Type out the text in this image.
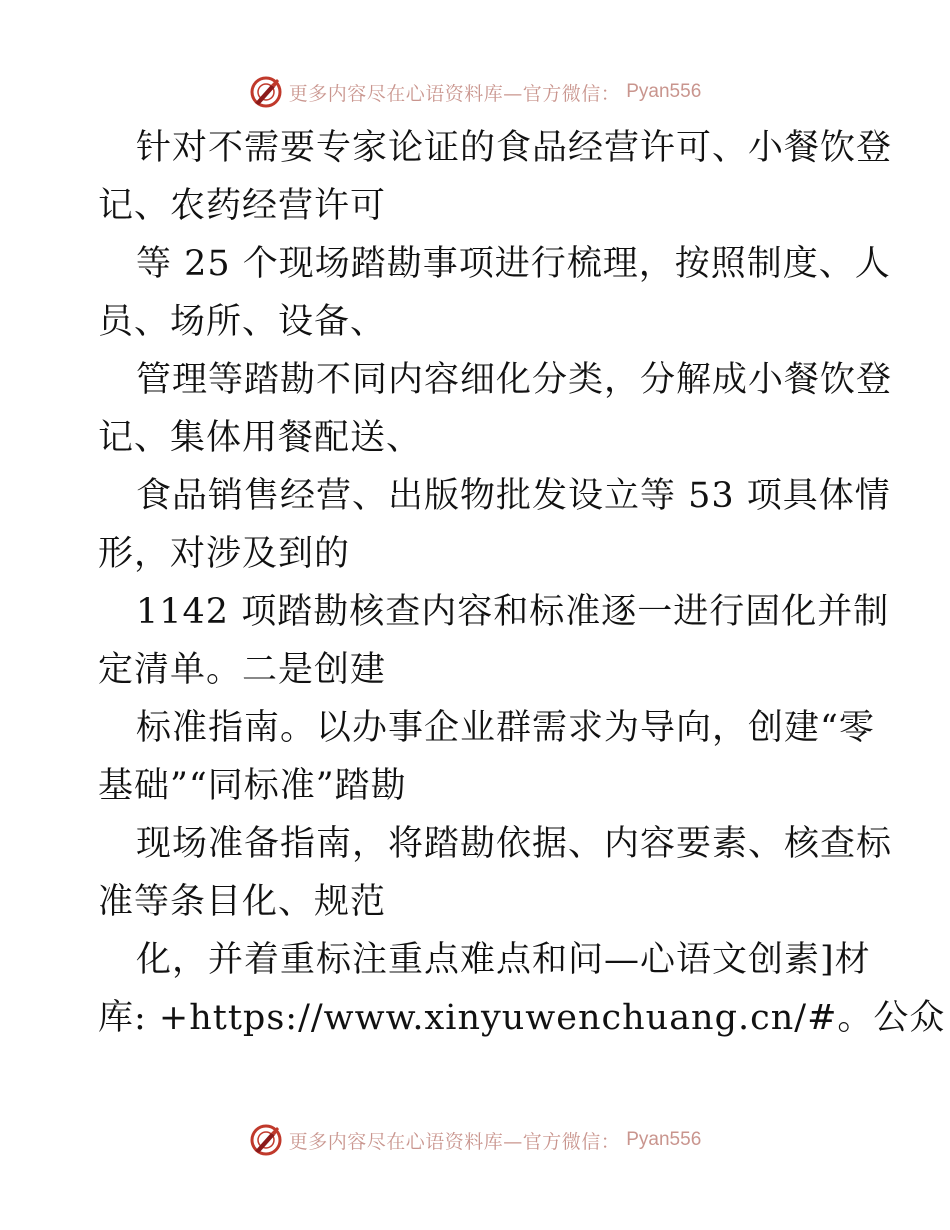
更多内容尽在心语资料库—官方微信： Pyan556
针对不需要专家论证的食品经营许可、小餐饮登
记、农药经营许可
等 25 个现场踏勘事项进行梳理，按照制度、人
员、场所、设备、
管理等踏勘不同内容细化分类，分解成小餐饮登
记、集体用餐配送、
食品销售经营、出版物批发设立等 53 项具体情
形，对涉及到的
1142 项踏勘核查内容和标准逐一进行固化并制
定清单。二是创建
标准指南。以办事企业群需求为导向，创建“零
基础”“同标准”踏勘
现场准备指南，将踏勘依据、内容要素、核查标
准等条目化、规范
化，并着重标注重点难点和问—心语文创素]材
库: +https://www.xinyuwenchuang.cn/#。公众
更多内容尽在心语资料库—官方微信： Pyan556
